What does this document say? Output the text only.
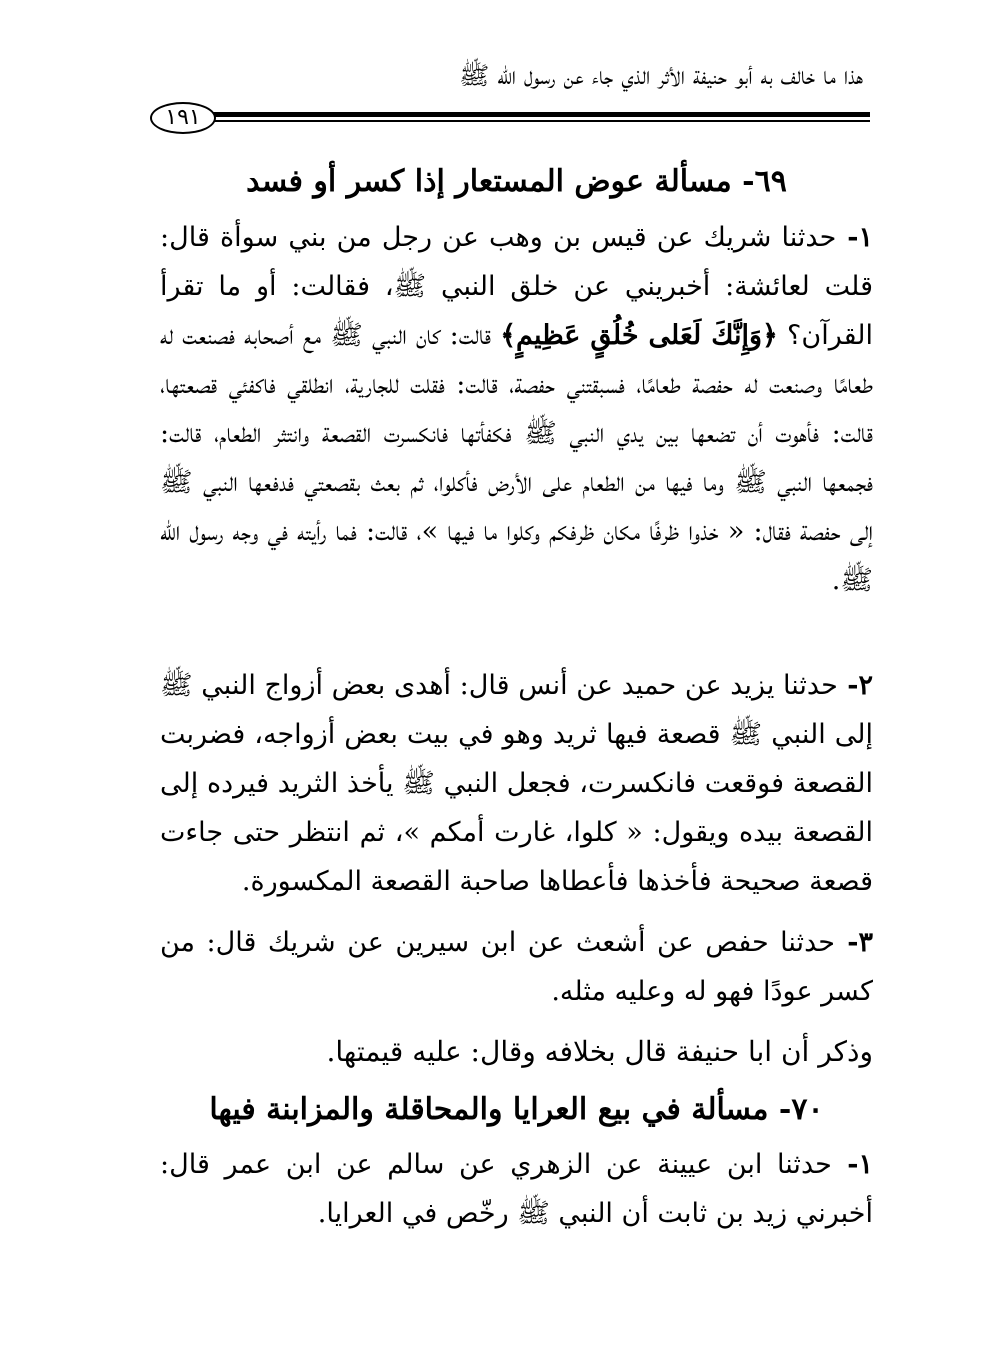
هذا ما خالف به أبو حنيفة الأثر الذي جاء عن رسول الله ﷺ
١٩١
٦٩- مسألة عوض المستعار إذا كسر أو فسد
١- حدثنا شريك عن قيس بن وهب عن رجل من بني سوأة قال: قلت لعائشة: أخبريني عن خلق النبي ﷺ، فقالت: أو ما تقرأ القرآن؟ ﴿وَإِنَّكَ لَعَلى خُلُقٍ عَظِيمٍ﴾ قالت: كان النبي ﷺ مع أصحابه فصنعت له طعامًا وصنعت له حفصة طعامًا، فسبقتني حفصة، قالت: فقلت للجارية، انطلقي فاكفئي قصعتها، قالت: فأهوت أن تضعها بين يدي النبي ﷺ فكفأتها فانكسرت القصعة وانتثر الطعام، قالت: فجمعها النبي ﷺ وما فيها من الطعام على الأرض فأكلوا، ثم بعث بقصعتي فدفعها النبي ﷺ إلى حفصة فقال: « خذوا ظرفًا مكان ظرفكم وكلوا ما فيها »، قالت: فما رأيته في وجه رسول الله ﷺ.
٢- حدثنا يزيد عن حميد عن أنس قال: أهدى بعض أزواج النبي ﷺ إلى النبي ﷺ قصعة فيها ثريد وهو في بيت بعض أزواجه، فضربت القصعة فوقعت فانكسرت، فجعل النبي ﷺ يأخذ الثريد فيرده إلى القصعة بيده ويقول: « كلوا، غارت أمكم »، ثم انتظر حتى جاءت قصعة صحيحة فأخذها فأعطاها صاحبة القصعة المكسورة.
٣- حدثنا حفص عن أشعث عن ابن سيرين عن شريك قال: من كسر عودًا فهو له وعليه مثله.
وذكر أن ابا حنيفة قال بخلافه وقال: عليه قيمتها.
٧٠- مسألة في بيع العرايا والمحاقلة والمزابنة فيها
١- حدثنا ابن عيينة عن الزهري عن سالم عن ابن عمر قال: أخبرني زيد بن ثابت أن النبي ﷺ رخّص في العرايا.
